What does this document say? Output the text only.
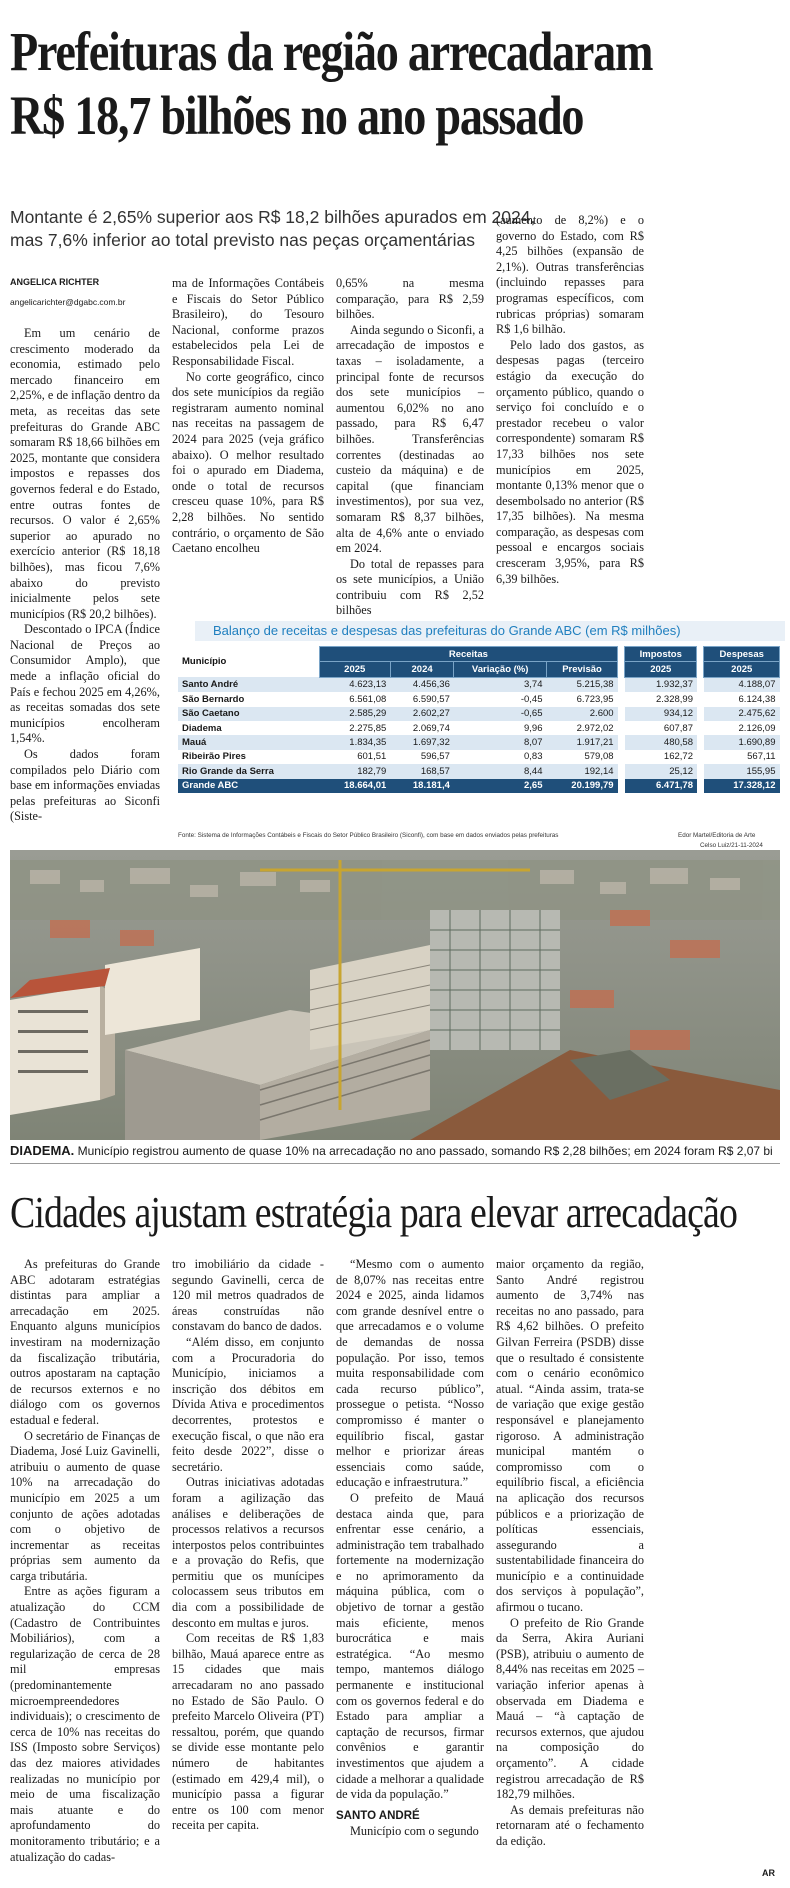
Prefeituras da região arrecadaram
R$ 18,7 bilhões no ano passado
Montante é 2,65% superior aos R$ 18,2 bilhões apurados em 2024, mas 7,6% inferior ao total previsto nas peças orçamentárias
ANGELICA RICHTER
angelicarichter@dgabc.com.br

Em um cenário de crescimento moderado da economia, estimado pelo mercado financeiro em 2,25%, e de inflação dentro da meta, as receitas das sete prefeituras do Grande ABC somaram R$ 18,66 bilhões em 2025, montante que considera impostos e repasses dos governos federal e do Estado, entre outras fontes de recursos. O valor é 2,65% superior ao apurado no exercício anterior (R$ 18,18 bilhões), mas ficou 7,6% abaixo do previsto inicialmente pelos sete municípios (R$ 20,2 bilhões).

Descontado o IPCA (Índice Nacional de Preços ao Consumidor Amplo), que mede a inflação oficial do País e fechou 2025 em 4,26%, as receitas somadas dos sete municípios encolheram 1,54%.

Os dados foram compilados pelo Diário com base em informações enviadas pelas prefeituras ao Siconfi (Siste-

ma de Informações Contábeis e Fiscais do Setor Público Brasileiro), do Tesouro Nacional, conforme prazos estabelecidos pela Lei de Responsabilidade Fiscal.

No corte geográfico, cinco dos sete municípios da região registraram aumento nominal nas receitas na passagem de 2024 para 2025 (veja gráfico abaixo). O melhor resultado foi o apurado em Diadema, onde o total de recursos cresceu quase 10%, para R$ 2,28 bilhões. No sentido contrário, o orçamento de São Caetano encolheu

0,65% na mesma comparação, para R$ 2,59 bilhões.

Ainda segundo o Siconfi, a arrecadação de impostos e taxas – isoladamente, a principal fonte de recursos dos sete municípios – aumentou 6,02% no ano passado, para R$ 6,47 bilhões. Transferências correntes (destinadas ao custeio da máquina) e de capital (que financiam investimentos), por sua vez, somaram R$ 8,37 bilhões, alta de 4,6% ante o enviado em 2024.

Do total de repasses para os sete municípios, a União contribuiu com R$ 2,52 bilhões

(aumento de 8,2%) e o governo do Estado, com R$ 4,25 bilhões (expansão de 2,1%). Outras transferências (incluindo repasses para programas específicos, com rubricas próprias) somaram R$ 1,6 bilhão.

Pelo lado dos gastos, as despesas pagas (terceiro estágio da execução do orçamento público, quando o serviço foi concluído e o prestador recebeu o valor correspondente) somaram R$ 17,33 bilhões nos sete municípios em 2025, montante 0,13% menor que o desembolsado no anterior (R$ 17,35 bilhões). Na mesma comparação, as despesas com pessoal e encargos sociais cresceram 3,95%, para R$ 6,39 bilhões.

Balanço de receitas e despesas das prefeituras do Grande ABC (em R$ milhões)
Município	Receitas					Impostos		Despesas
	2025	2024	Variação (%)	Previsão		2025		2025
Santo André	4.623,13	4.456,36	3,74	5.215,38		1.932,37		4.188,07
São Bernardo	6.561,08	6.590,57	-0,45	6.723,95		2.328,99		6.124,38
São Caetano	2.585,29	2.602,27	-0,65	2.600		934,12		2.475,62
Diadema	2.275,85	2.069,74	9,96	2.972,02		607,87		2.126,09
Mauá	1.834,35	1.697,32	8,07	1.917,21		480,58		1.690,89
Ribeirão Pires	601,51	596,57	0,83	579,08		162,72		567,11
Rio Grande da Serra	182,79	168,57	8,44	192,14		25,12		155,95
Grande ABC	18.664,01	18.181,4	2,65	20.199,79		6.471,78		17.328,12
Fonte: Sistema de Informações Contábeis e Fiscais do Setor Público Brasileiro (Siconfi), com base em dados enviados pelas prefeituras	Edor Martel/Editoria de Arte
Celso Luiz/21-11-2024
DIADEMA. Município registrou aumento de quase 10% na arrecadação no ano passado, somando R$ 2,28 bilhões; em 2024 foram R$ 2,07 bi
Cidades ajustam estratégia para elevar arrecadação

As prefeituras do Grande ABC adotaram estratégias distintas para ampliar a arrecadação em 2025. Enquanto alguns municípios investiram na modernização da fiscalização tributária, outros apostaram na captação de recursos externos e no diálogo com os governos estadual e federal.

O secretário de Finanças de Diadema, José Luiz Gavinelli, atribuiu o aumento de quase 10% na arrecadação do município em 2025 a um conjunto de ações adotadas com o objetivo de incrementar as receitas próprias sem aumento da carga tributária.

Entre as ações figuram a atualização do CCM (Cadastro de Contribuintes Mobiliários), com a regularização de cerca de 28 mil empresas (predominantemente microempreendedores individuais); o crescimento de cerca de 10% nas receitas do ISS (Imposto sobre Serviços) das dez maiores atividades realizadas no município por meio de uma fiscalização mais atuante e do aprofundamento do monitoramento tributário; e a atualização do cadas-

tro imobiliário da cidade - segundo Gavinelli, cerca de 120 mil metros quadrados de áreas construídas não constavam do banco de dados.

“Além disso, em conjunto com a Procuradoria do Município, iniciamos a inscrição dos débitos em Dívida Ativa e procedimentos decorrentes, protestos e execução fiscal, o que não era feito desde 2022”, disse o secretário.

Outras iniciativas adotadas foram a agilização das análises e deliberações de processos relativos a recursos interpostos pelos contribuintes e a provação do Refis, que permitiu que os munícipes colocassem seus tributos em dia com a possibilidade de desconto em multas e juros.

Com receitas de R$ 1,83 bilhão, Mauá aparece entre as 15 cidades que mais arrecadaram no ano passado no Estado de São Paulo. O prefeito Marcelo Oliveira (PT) ressaltou, porém, que quando se divide esse montante pelo número de habitantes (estimado em 429,4 mil), o município passa a figurar entre os 100 com menor receita per capita.

“Mesmo com o aumento de 8,07% nas receitas entre 2024 e 2025, ainda lidamos com grande desnível entre o que arrecadamos e o volume de demandas de nossa população. Por isso, temos muita responsabilidade com cada recurso público”, prossegue o petista. “Nosso compromisso é manter o equilíbrio fiscal, gastar melhor e priorizar áreas essenciais como saúde, educação e infraestrutura.”

O prefeito de Mauá destaca ainda que, para enfrentar esse cenário, a administração tem trabalhado fortemente na modernização e no aprimoramento da máquina pública, com o objetivo de tornar a gestão mais eficiente, menos burocrática e mais estratégica. “Ao mesmo tempo, mantemos diálogo permanente e institucional com os governos federal e do Estado para ampliar a captação de recursos, firmar convênios e garantir investimentos que ajudem a cidade a melhorar a qualidade de vida da população.”

SANTO ANDRÉ

Município com o segundo

maior orçamento da região, Santo André registrou aumento de 3,74% nas receitas no ano passado, para R$ 4,62 bilhões. O prefeito Gilvan Ferreira (PSDB) disse que o resultado é consistente com o cenário econômico atual. “Ainda assim, trata-se de variação que exige gestão responsável e planejamento rigoroso. A administração municipal mantém o compromisso com o equilíbrio fiscal, a eficiência na aplicação dos recursos públicos e a priorização de políticas essenciais, assegurando a sustentabilidade financeira do município e a continuidade dos serviços à população”, afirmou o tucano.

O prefeito de Rio Grande da Serra, Akira Auriani (PSB), atribuiu o aumento de 8,44% nas receitas em 2025 – variação inferior apenas à observada em Diadema e Mauá – “à captação de recursos externos, que ajudou na composição do orçamento”. A cidade registrou arrecadação de R$ 182,79 milhões.

As demais prefeituras não retornaram até o fechamento da edição.

AR
